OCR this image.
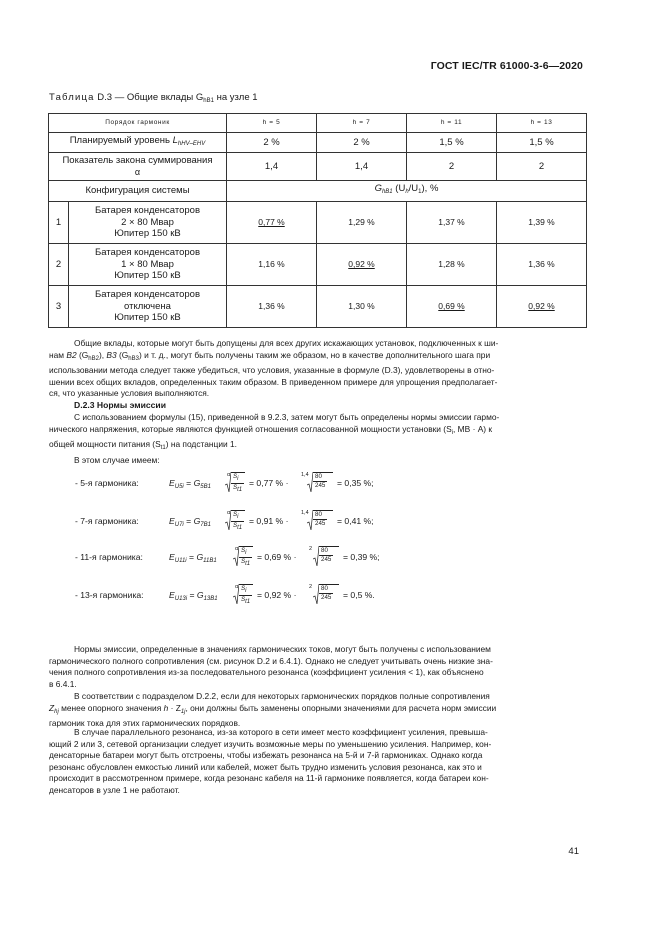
ГОСТ IEC/TR 61000-3-6—2020
Таблица D.3 — Общие вклады $G_{hB1}$ на узле 1
Порядок гармоник		h = 5	h = 7	h = 11	h = 13
Планируемый уровень $L_{hHV-EHV}$		2 %	2 %	1,5 %	1,5 %
Показатель закона суммирования
α		1,4	1,4	2	2
Конфигурация системы		$G_{hB1}$ $(U_h/U_1)$, %			
1	Батарея конденсаторов
2 × 80 Мвар
Юпитер 150 кВ	0,77 %	1,29 %	1,37 %	1,39 %
2	Батарея конденсаторов
1 × 80 Мвар
Юпитер 150 кВ	1,16 %	0,92 %	1,28 %	1,36 %
3	Батарея конденсаторов
отключена
Юпитер 150 кВ	1,36 %	1,30 %	0,69 %	0,92 %

Общие вклады, которые могут быть допущены для всех других искажающих установок, подключенных к ши-

нам B2 $(G_{hB2})$, B3 $(G_{hB3})$ и т. д., могут быть получены таким же образом, но в качестве дополнительного шага при

использовании метода следует также убедиться, что условия, указанные в формуле (D.3), удовлетворены в отно-

шении всех общих вкладов, определенных таким образом. В приведенном примере для упрощения предполагает-

ся, что указанные условия выполняются.

D.2.3 Нормы эмиссии

С использованием формулы (15), приведенной в 9.2.3, затем могут быть определены нормы эмиссии гармо-

нического напряжения, которые являются функцией отношения согласованной мощности установки ($S_i$, МВ · А) к

общей мощности питания $(S_{t1})$ на подстанции 1.

В этом случае имеем:

- 5-я гармоника:	$E_{U5i} = G_{5B1}$
α $\frac{S_i}{S_{t1}} = 0,77$ % ·
$1,4 \frac{80}{245} = 0,35$ %;
- 7-я гармоника:	$E_{U7i} = G_{7B1}$
α $\frac{S_i}{S_{t1}} = 0,91$ % ·
$1,4 \frac{80}{245} = 0,41$ %;
- 11-я гармоника:	$E_{U11i} = G_{11B1}$
α $\frac{S_i}{S_{t1}} = 0,69$ % ·
$2 \frac{80}{245} = 0,39$ %;
- 13-я гармоника:	$E_{U13i} = G_{13B1}$
α $\frac{S_i}{S_{t1}} = 0,92$ % ·
$2 \frac{80}{245} = 0,5$ %.

Нормы эмиссии, определенные в значениях гармонических токов, могут быть получены с использованием

гармонического полного сопротивления (см. рисунок D.2 и 6.4.1). Однако не следует учитывать очень низкие зна-

чения полного сопротивления из-за последовательного резонанса (коэффициент усиления < 1), как объяснено

в 6.4.1.

В соответствии с подразделом D.2.2, если для некоторых гармонических порядков полные сопротивления

$Z_{hj}$ менее опорного значения $h \cdot Z_{1j}$, они должны быть заменены опорными значениями для расчета норм эмиссии

гармоник тока для этих гармонических порядков.

В случае параллельного резонанса, из-за которого в сети имеет место коэффициент усиления, превыша-

ющий 2 или 3, сетевой организации следует изучить возможные меры по уменьшению усиления. Например, кон-

денсаторные батареи могут быть отстроены, чтобы избежать резонанса на 5-й и 7-й гармониках. Однако когда

резонанс обусловлен емкостью линий или кабелей, может быть трудно изменить условия резонанса, как это и

происходит в рассмотренном примере, когда резонанс кабеля на 11-й гармонике появляется, когда батареи кон-

денсаторов в узле 1 не работают.

41
